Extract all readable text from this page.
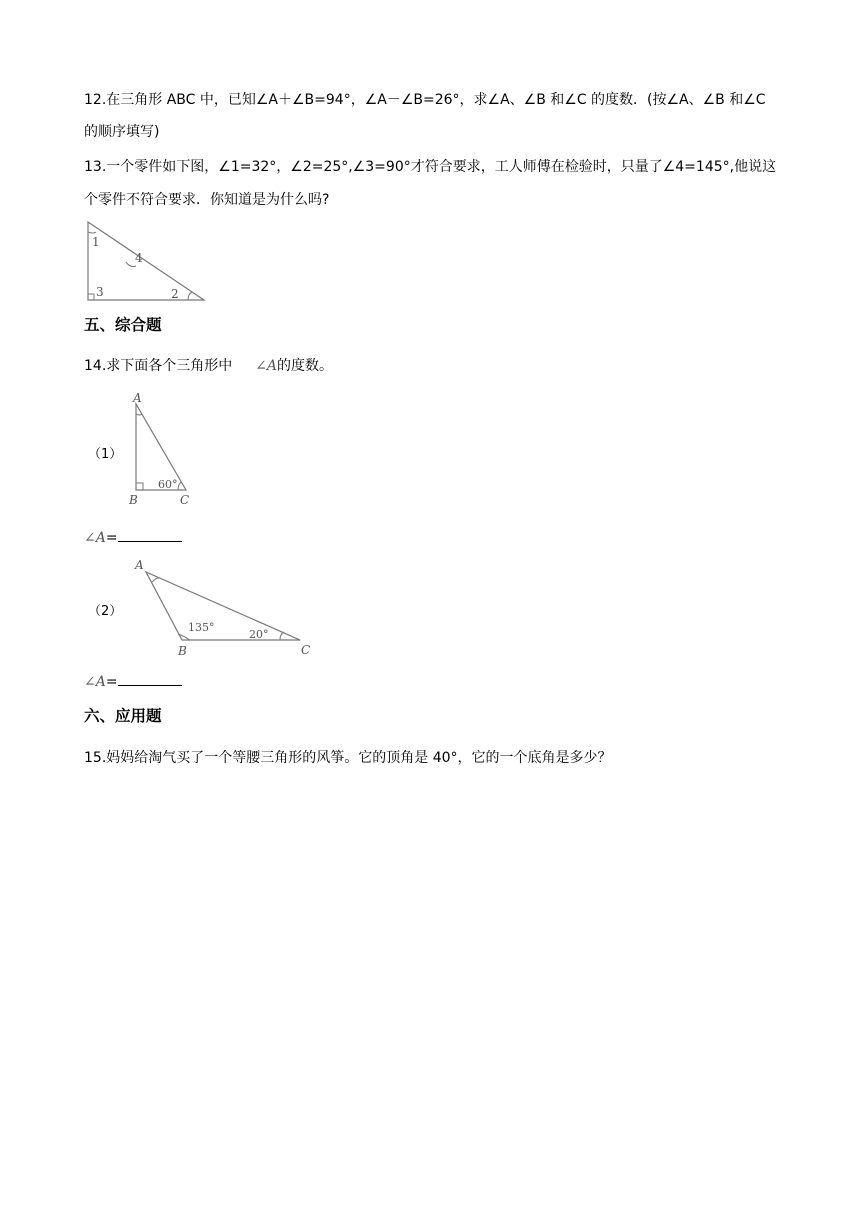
12.在三角形 ABC 中，已知∠A＋∠B=94°，∠A－∠B=26°，求∠A、∠B 和∠C 的度数．(按∠A、∠B 和∠C
的顺序填写)
13.一个零件如下图，∠1=32°，∠2=25°,∠3=90°才符合要求，工人师傅在检验时，只量了∠4=145°,他说这
个零件不符合要求．你知道是为什么吗?
1
4
3	2
五、综合题
14.求下面各个三角形中 ∠A的度数。
（1）
A
B	C
60°
∠A=
（2）
A
B	C
135°
20°
∠A=
六、应用题
15.妈妈给淘气买了一个等腰三角形的风筝。它的顶角是 40°，它的一个底角是多少？
